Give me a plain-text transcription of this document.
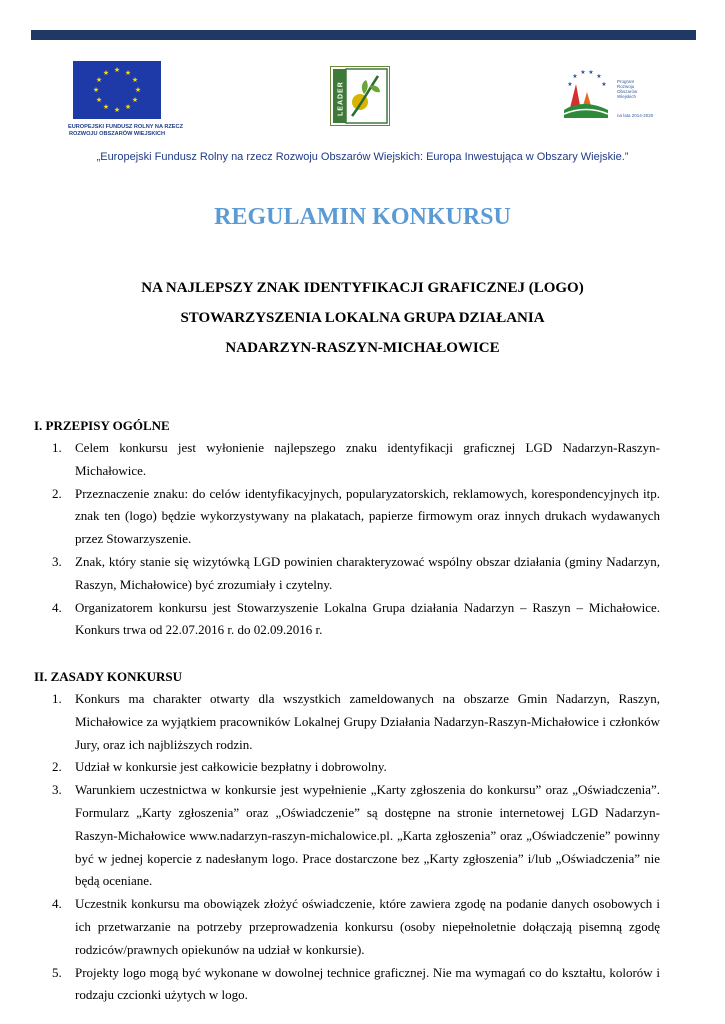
★ ★
★
★
★
★
★
★
★
★
★
★
EUROPEJSKI FUNDUSZ ROLNY NA RZECZ
ROZWOJU OBSZARÓW WIEJSKICH
LEADER	★
★
★ ★
★
★
Program
Rozwoju
Obszarów
Wiejskich
na lata 2014-2020
„Europejski Fundusz Rolny na rzecz Rozwoju Obszarów Wiejskich: Europa Inwestująca w Obszary Wiejskie.”
REGULAMIN KONKURSU
NA NAJLEPSZY ZNAK IDENTYFIKACJI GRAFICZNEJ (LOGO)
STOWARZYSZENIA LOKALNA GRUPA DZIAŁANIA
NADARZYN-RASZYN-MICHAŁOWICE
I. PRZEPISY OGÓLNE
1. Celem konkursu jest wyłonienie najlepszego znaku identyfikacji graficznej LGD Nadarzyn-Raszyn-Michałowice.
2. Przeznaczenie znaku: do celów identyfikacyjnych, popularyzatorskich, reklamowych, korespondencyjnych itp. znak ten (logo) będzie wykorzystywany na plakatach, papierze firmowym oraz innych drukach wydawanych przez Stowarzyszenie.
3. Znak, który stanie się wizytówką LGD powinien charakteryzować wspólny obszar działania (gminy Nadarzyn, Raszyn, Michałowice) być zrozumiały i czytelny.
4. Organizatorem konkursu jest Stowarzyszenie Lokalna Grupa działania Nadarzyn – Raszyn – Michałowice. Konkurs trwa od 22.07.2016 r. do 02.09.2016 r.
II. ZASADY KONKURSU
1. Konkurs ma charakter otwarty dla wszystkich zameldowanych na obszarze Gmin Nadarzyn, Raszyn, Michałowice za wyjątkiem pracowników Lokalnej Grupy Działania Nadarzyn-Raszyn-Michałowice i członków Jury, oraz ich najbliższych rodzin.
2. Udział w konkursie jest całkowicie bezpłatny i dobrowolny.
3. Warunkiem uczestnictwa w konkursie jest wypełnienie „Karty zgłoszenia do konkursu” oraz „Oświadczenia”. Formularz „Karty zgłoszenia” oraz „Oświadczenie” są dostępne na stronie internetowej LGD Nadarzyn-Raszyn-Michałowice www.nadarzyn-raszyn-michalowice.pl. „Karta zgłoszenia” oraz „Oświadczenie” powinny być w jednej kopercie z nadesłanym logo. Prace dostarczone bez „Karty zgłoszenia” i/lub „Oświadczenia” nie będą oceniane.
4. Uczestnik konkursu ma obowiązek złożyć oświadczenie, które zawiera zgodę na podanie danych osobowych i ich przetwarzanie na potrzeby przeprowadzenia konkursu (osoby niepełnoletnie dołączają pisemną zgodę rodziców/prawnych opiekunów na udział w konkursie).
5. Projekty logo mogą być wykonane w dowolnej technice graficznej. Nie ma wymagań co do kształtu, kolorów i rodzaju czcionki użytych w logo.
